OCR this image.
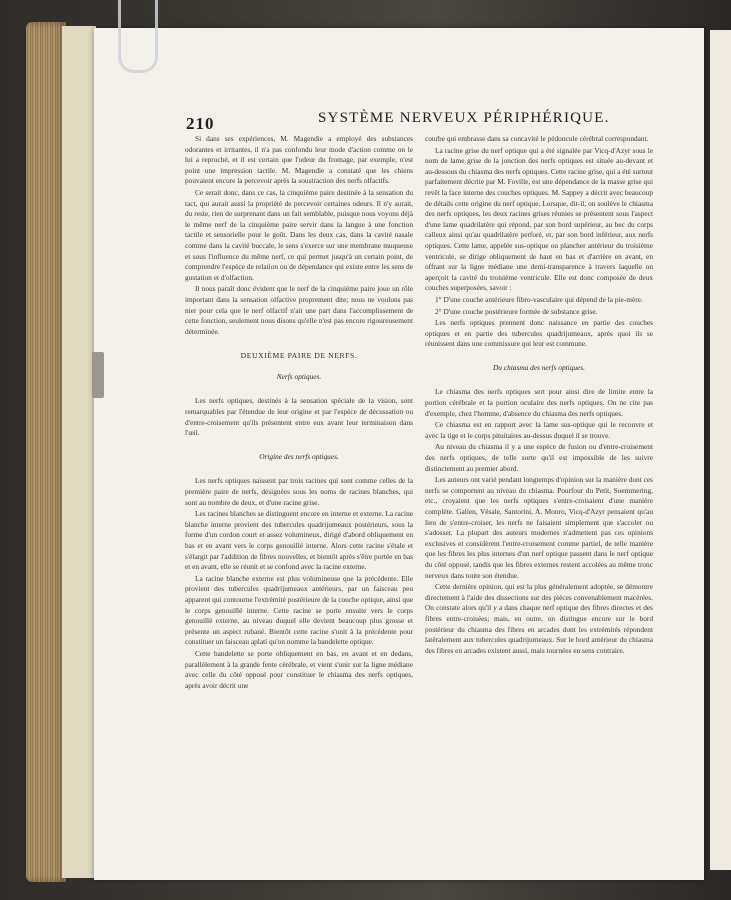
210	SYSTÈME NERVEUX PÉRIPHÉRIQUE.

Si dans ses expériences, M. Magendie a employé des substances odorantes et irritantes, il n'a pas confondu leur mode d'action comme on le lui a reproché, et il est certain que l'odeur du fromage, par exemple, n'est point une impression tactile. M. Magendie a constaté que les chiens pouvaient encore la percevoir après la soustraction des nerfs olfactifs.

Ce serait donc, dans ce cas, la cinquième paire destinée à la sensation du tact, qui aurait aussi la propriété de percevoir certaines odeurs. Il n'y aurait, du reste, rien de surprenant dans un fait semblable, puisque nous voyons déjà le même nerf de la cinquième paire servir dans la langue à une fonction tactile et sensorielle pour le goût. Dans les deux cas, dans la cavité nasale comme dans la cavité buccale, le sens s'exerce sur une membrane muqueuse et sous l'influence du même nerf, ce qui permet jusqu'à un certain point, de comprendre l'espèce de relation ou de dépendance qui existe entre les sens de gustation et d'olfaction.

Il nous paraît donc évident que le nerf de la cinquième paire joue un rôle important dans la sensation olfactive proprement dite; nous ne voulons pas nier pour cela que le nerf olfactif n'ait une part dans l'accomplissement de cette fonction, seulement nous disons qu'elle n'est pas encore rigoureusement déterminée.

DEUXIÈME PAIRE DE NERFS.
Nerfs optiques.

Les nerfs optiques, destinés à la sensation spéciale de la vision, sont remarquables par l'étendue de leur origine et par l'espèce de décussation ou d'entre-croisement qu'ils présentent entre eux avant leur terminaison dans l'œil.

Origine des nerfs optiques.

Les nerfs optiques naissent par trois racines qui sont comme celles de la première paire de nerfs, désignées sous les noms de racines blanches, qui sont au nombre de deux, et d'une racine grise.

Les racines blanches se distinguent encore en interne et externe. La racine blanche interne provient des tubercules quadrijumeaux postérieurs, sous la forme d'un cordon court et assez volumineux, dirigé d'abord obliquement en bas et en avant vers le corps genouillé interne. Alors cette racine s'étale et s'élargit par l'addition de fibres nouvelles, et bientôt après s'être portée en bas et en avant, elle se réunit et se confond avec la racine externe.

La racine blanche externe est plus volumineuse que la précédente. Elle provient des tubercules quadrijumeaux antérieurs, par un faisceau peu apparent qui contourne l'extrémité postérieure de la couche optique, ainsi que le corps genouillé interne. Cette racine se porte ensuite vers le corps genouillé externe, au niveau duquel elle devient beaucoup plus grosse et présente un aspect rubané. Bientôt cette racine s'unit à la précédente pour constituer un faisceau aplati qu'on nomme la bandelette optique.

Cette bandelette se porte obliquement en bas, en avant et en dedans, parallèlement à la grande fente cérébrale, et vient s'unir sur la ligne médiane avec celle du côté opposé pour constituer le chiasma des nerfs optiques, après avoir décrit une

courbe qui embrasse dans sa concavité le pédoncule cérébral correspondant.

La racine grise du nerf optique qui a été signalée par Vicq-d'Azyr sous le nom de lame grise de la jonction des nerfs optiques est située au-devant et au-dessous du chiasma des nerfs optiques. Cette racine grise, qui a été surtout parfaitement décrite par M. Foville, est une dépendance de la masse grise qui revêt la face interne des couches optiques. M. Sappey a décrit avec beaucoup de détails cette origine du nerf optique. Lorsque, dit-il, on soulève le chiasma des nerfs optiques, les deux racines grises réunies se présentent sous l'aspect d'une lame quadrilatère qui répond, par son bord supérieur, au bec du corps calleux ainsi qu'au quadrilatère perforé, et, par son bord inférieur, aux nerfs optiques. Cette lame, appelée sus-optique ou plancher antérieur du troisième ventricule, se dirige obliquement de haut en bas et d'arrière en avant, en offrant sur la ligne médiane une demi-transparence à travers laquelle on aperçoit la cavité du troisième ventricule. Elle est donc composée de deux couches superposées, savoir :

1° D'une couche antérieure fibro-vasculaire qui dépend de la pie-mère.

2° D'une couche postérieure formée de substance grise.

Les nerfs optiques prennent donc naissance en partie des couches optiques et en partie des tubercules quadrijumeaux, après quoi ils se réunissent dans une commissure qui leur est commune.

Du chiasma des nerfs optiques.

Le chiasma des nerfs optiques sert pour ainsi dire de limite entre la portion cérébrale et la portion oculaire des nerfs optiques. On ne cite pas d'exemple, chez l'homme, d'absence du chiasma des nerfs optiques.

Ce chiasma est en rapport avec la lame sus-optique qui le recouvre et avec la tige et le corps pituitaires au-dessus duquel il se trouve.

Au niveau du chiasma il y a une espèce de fusion ou d'entre-croisement des nerfs optiques, de telle sorte qu'il est impossible de les suivre distinctement au premier abord.

Les auteurs ont varié pendant longtemps d'opinion sur la manière dont ces nerfs se comportent au niveau du chiasma. Pourfour du Petit, Soemmering, etc., croyaient que les nerfs optiques s'entre-croisaient d'une manière complète. Galien, Vésale, Santorini, A. Monro, Vicq-d'Azyr pensaient qu'au lieu de s'entre-croiser, les nerfs ne faisaient simplement que s'accoler ou s'adosser. La plupart des auteurs modernes n'admettent pas ces opinions exclusives et considèrent l'entre-croisement comme partiel, de telle manière que les fibres les plus internes d'un nerf optique passent dans le nerf optique du côté opposé, tandis que les fibres externes restent accolées au même tronc nerveux dans toute son étendue.

Cette dernière opinion, qui est la plus généralement adoptée, se démontre directement à l'aide des dissections sur des pièces convenablement macérées. On constate alors qu'il y a dans chaque nerf optique des fibres directes et des fibres entre-croisées; mais, en outre, on distingue encore sur le bord postérieur du chiasma des fibres en arcades dont les extrémités répondent latéralement aux tubercules quadrijumeaux. Sur le bord antérieur du chiasma des fibres en arcades existent aussi, mais tournées en sens contraire.
